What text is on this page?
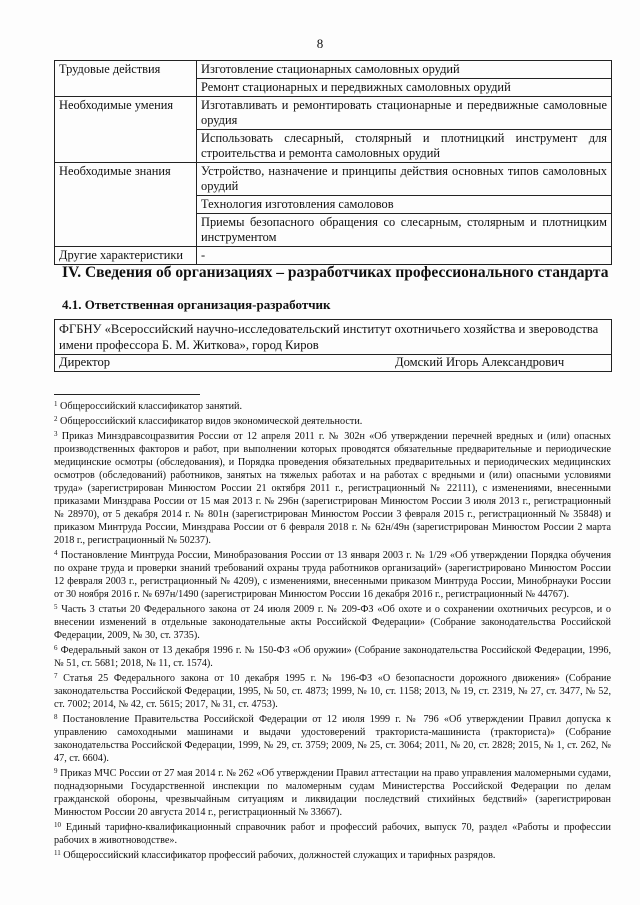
8
Трудовые действия	Изготовление стационарных самоловных орудий
	Ремонт стационарных и передвижных самоловных орудий
Необходимые умения	Изготавливать и ремонтировать стационарные и передвижные самоловные орудия
	Использовать слесарный, столярный и плотницкий инструмент для строительства и ремонта самоловных орудий
Необходимые знания	Устройство, назначение и принципы действия основных типов самоловных орудий
	Технология изготовления самоловов
	Приемы безопасного обращения со слесарным, столярным и плотницким инструментом
Другие характеристики	-
IV. Сведения об организациях – разработчиках профессионального стандарта
4.1. Ответственная организация-разработчик
ФГБНУ «Всероссийский научно-исследовательский институт охотничьего хозяйства и звероводства имени профессора Б. М. Житкова», город Киров
Директор	Домский Игорь Александрович
$^1$ Общероссийский классификатор занятий.
$^2$ Общероссийский классификатор видов экономической деятельности.
$^3$ Приказ Минздравсоцразвития России от 12 апреля 2011 г. № 302н «Об утверждении перечней вредных и (или) опасных производственных факторов и работ, при выполнении которых проводятся обязательные предварительные и периодические медицинские осмотры (обследования), и Порядка проведения обязательных предварительных и периодических медицинских осмотров (обследований) работников, занятых на тяжелых работах и на работах с вредными и (или) опасными условиями труда» (зарегистрирован Минюстом России 21 октября 2011 г., регистрационный № 22111), с изменениями, внесенными приказами Минздрава России от 15 мая 2013 г. № 296н (зарегистрирован Минюстом России 3 июля 2013 г., регистрационный № 28970), от 5 декабря 2014 г. № 801н (зарегистрирован Минюстом России 3 февраля 2015 г., регистрационный № 35848) и приказом Минтруда России, Минздрава России от 6 февраля 2018 г. № 62н/49н (зарегистрирован Минюстом России 2 марта 2018 г., регистрационный № 50237).
$^4$ Постановление Минтруда России, Минобразования России от 13 января 2003 г. № 1/29 «Об утверждении Порядка обучения по охране труда и проверки знаний требований охраны труда работников организаций» (зарегистрировано Минюстом России 12 февраля 2003 г., регистрационный № 4209), с изменениями, внесенными приказом Минтруда России, Минобрнауки России от 30 ноября 2016 г. № 697н/1490 (зарегистрирован Минюстом России 16 декабря 2016 г., регистрационный № 44767).
$^5$ Часть 3 статьи 20 Федерального закона от 24 июля 2009 г. № 209-ФЗ «Об охоте и о сохранении охотничьих ресурсов, и о внесении изменений в отдельные законодательные акты Российской Федерации» (Собрание законодательства Российской Федерации, 2009, № 30, ст. 3735).
$^6$ Федеральный закон от 13 декабря 1996 г. № 150-ФЗ «Об оружии» (Собрание законодательства Российской Федерации, 1996, № 51, ст. 5681; 2018, № 11, ст. 1574).
$^7$ Статья 25 Федерального закона от 10 декабря 1995 г. № 196-ФЗ «О безопасности дорожного движения» (Собрание законодательства Российской Федерации, 1995, № 50, ст. 4873; 1999, № 10, ст. 1158; 2013, № 19, ст. 2319, № 27, ст. 3477, № 52, ст. 7002; 2014, № 42, ст. 5615; 2017, № 31, ст. 4753).
$^8$ Постановление Правительства Российской Федерации от 12 июля 1999 г. № 796 «Об утверждении Правил допуска к управлению самоходными машинами и выдачи удостоверений тракториста-машиниста (тракториста)» (Собрание законодательства Российской Федерации, 1999, № 29, ст. 3759; 2009, № 25, ст. 3064; 2011, № 20, ст. 2828; 2015, № 1, ст. 262, № 47, ст. 6604).
$^9$ Приказ МЧС России от 27 мая 2014 г. № 262 «Об утверждении Правил аттестации на право управления маломерными судами, поднадзорными Государственной инспекции по маломерным судам Министерства Российской Федерации по делам гражданской обороны, чрезвычайным ситуациям и ликвидации последствий стихийных бедствий» (зарегистрирован Минюстом России 20 августа 2014 г., регистрационный № 33667).
$^{10}$ Единый тарифно-квалификационный справочник работ и профессий рабочих, выпуск 70, раздел «Работы и профессии рабочих в животноводстве».
$^{11}$ Общероссийский классификатор профессий рабочих, должностей служащих и тарифных разрядов.
